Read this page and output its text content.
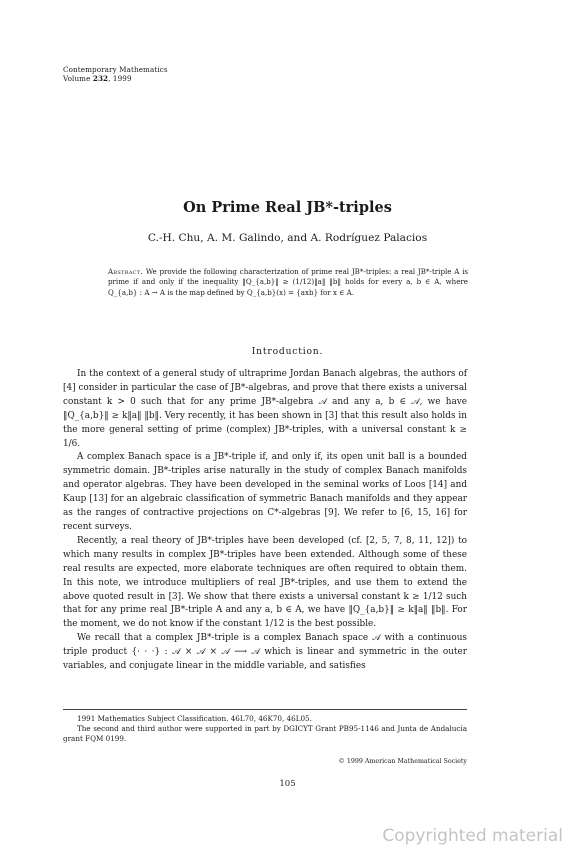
Contemporary Mathematics
Volume 232, 1999
On Prime Real JB*-triples
C.-H. Chu, A. M. Galindo, and A. Rodríguez Palacios
Abstract. We provide the following characterization of prime real JB*-triples: a real JB*-triple A is prime if and only if the inequality ‖Q_{a,b}‖ ≥ (1/12)‖a‖ ‖b‖ holds for every a, b ∈ A, where Q_{a,b} : A → A is the map defined by Q_{a,b}(x) = {axb} for x ∈ A.
Introduction.

In the context of a general study of ultraprime Jordan Banach algebras, the authors of [4] consider in particular the case of JB*-algebras, and prove that there exists a universal constant k > 0 such that for any prime JB*-algebra 𝒜 and any a, b ∈ 𝒜, we have ‖Q_{a,b}‖ ≥ k‖a‖ ‖b‖. Very recently, it has been shown in [3] that this result also holds in the more general setting of prime (complex) JB*-triples, with a universal constant k ≥ 1/6.

A complex Banach space is a JB*-triple if, and only if, its open unit ball is a bounded symmetric domain. JB*-triples arise naturally in the study of complex Banach manifolds and operator algebras. They have been developed in the seminal works of Loos [14] and Kaup [13] for an algebraic classification of symmetric Banach manifolds and they appear as the ranges of contractive projections on C*-algebras [9]. We refer to [6, 15, 16] for recent surveys.

Recently, a real theory of JB*-triples have been developed (cf. [2, 5, 7, 8, 11, 12]) to which many results in complex JB*-triples have been extended. Although some of these real results are expected, more elaborate techniques are often required to obtain them. In this note, we introduce multipliers of real JB*-triples, and use them to extend the above quoted result in [3]. We show that there exists a universal constant k ≥ 1/12 such that for any prime real JB*-triple A and any a, b ∈ A, we have ‖Q_{a,b}‖ ≥ k‖a‖ ‖b‖. For the moment, we do not know if the constant 1/12 is the best possible.

We recall that a complex JB*-triple is a complex Banach space 𝒜 with a continuous triple product {· · ·} : 𝒜 × 𝒜 × 𝒜 ⟶ 𝒜 which is linear and symmetric in the outer variables, and conjugate linear in the middle variable, and satisfies

1991 Mathematics Subject Classification. 46L70, 46K70, 46L05.

The second and third author were supported in part by DGICYT Grant PB95-1146 and Junta de Andalucía grant FQM 0199.

© 1999 American Mathematical Society
105
Copyrighted material
